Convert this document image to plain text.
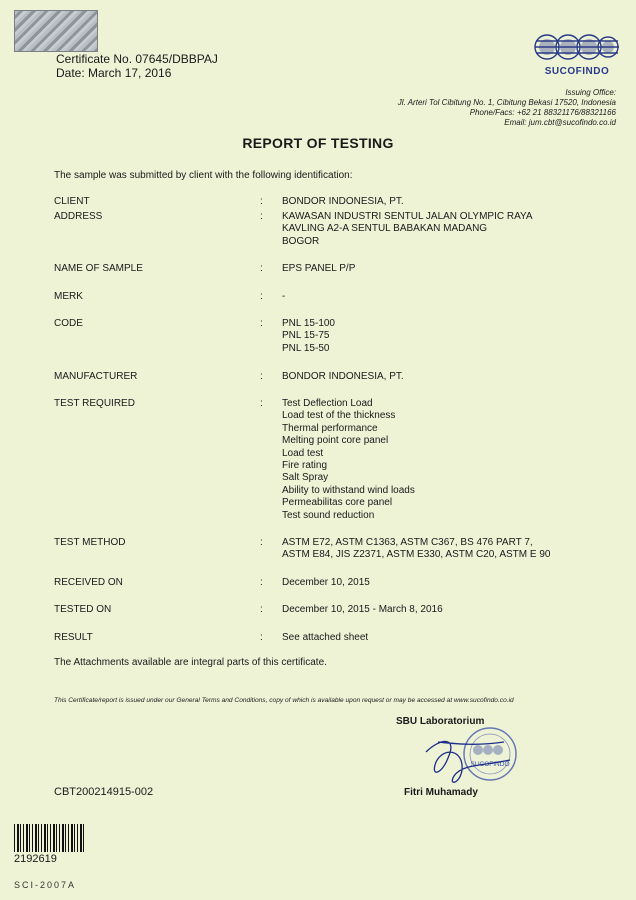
Certificate No. 07645/DBBPAJ
Date: March 17, 2016	SUCOFINDO
Issuing Office:
Jl. Arteri Tol Cibitung No. 1, Cibitung Bekasi 17520, Indonesia
Phone/Facs: +62 21 88321176/88321166
Email: jum.cbt@sucofindo.co.id
REPORT OF TESTING
The sample was submitted by client with the following identification:
CLIENT	: BONDOR INDONESIA, PT.
ADDRESS	: KAWASAN INDUSTRI SENTUL JALAN OLYMPIC RAYA
KAVLING A2-A SENTUL BABAKAN MADANG
BOGOR
NAME OF SAMPLE	: EPS PANEL P/P
MERK	: -
CODE	: PNL 15-100
PNL 15-75
PNL 15-50
MANUFACTURER	: BONDOR INDONESIA, PT.
TEST REQUIRED	: Test Deflection Load
Load test of the thickness
Thermal performance
Melting point core panel
Load test
Fire rating
Salt Spray
Ability to withstand wind loads
Permeabilitas core panel
Test sound reduction
TEST METHOD	: ASTM E72, ASTM C1363, ASTM C367, BS 476 PART 7,
ASTM E84, JIS Z2371, ASTM E330, ASTM C20, ASTM E 90
RECEIVED ON	: December 10, 2015
TESTED ON	: December 10, 2015 - March 8, 2016
RESULT	: See attached sheet
The Attachments available are integral parts of this certificate.
This Certificate/report is issued under our General Terms and Conditions, copy of which is available upon request or may be accessed at www.sucofindo.co.id
SUCOFINDO
SBU Laboratorium
Fitri Muhamady
CBT200214915-002
2192619
SCI-2007A
